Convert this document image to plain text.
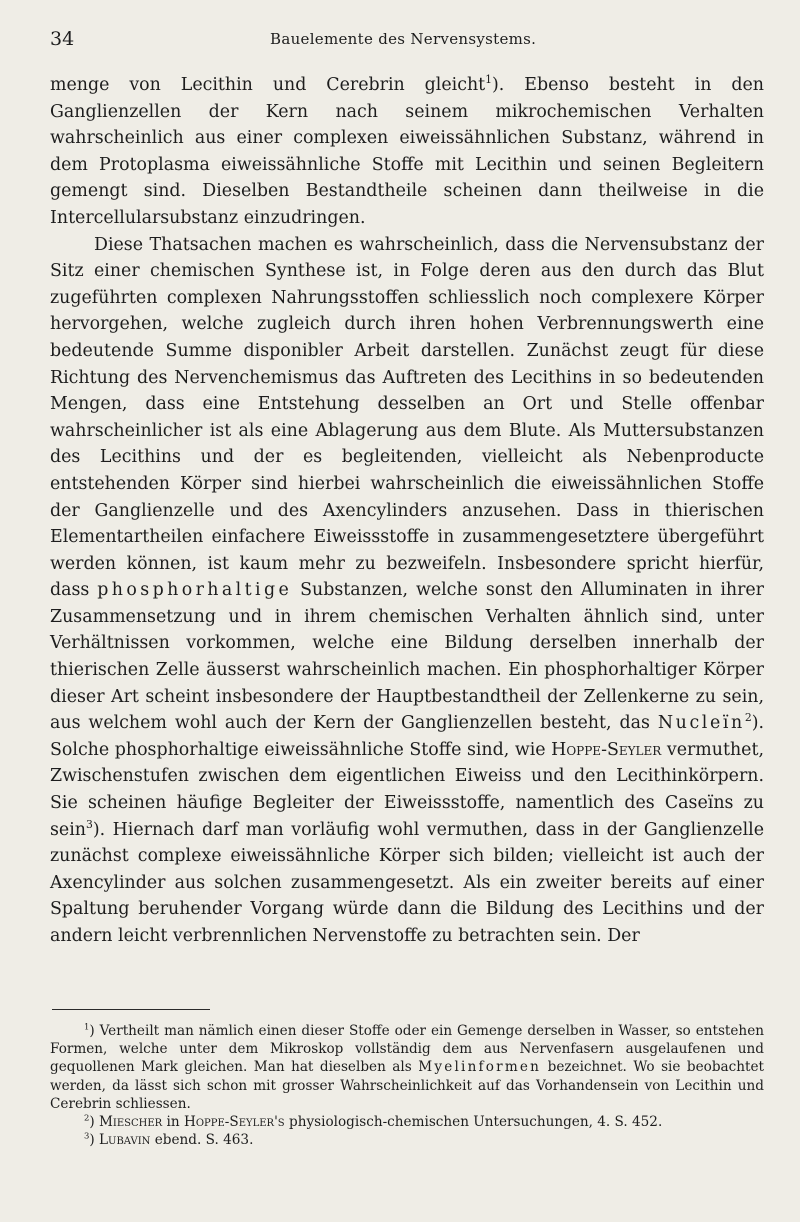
34	Bauelemente des Nervensystems.

menge von Lecithin und Cerebrin gleicht$^1$). Ebenso besteht in den Ganglienzellen der Kern nach seinem mikrochemischen Verhalten wahrscheinlich aus einer complexen eiweissähnlichen Substanz, während in dem Protoplasma eiweissähnliche Stoffe mit Lecithin und seinen Begleitern gemengt sind. Dieselben Bestandtheile scheinen dann theilweise in die Intercellularsubstanz einzudringen.

Diese Thatsachen machen es wahrscheinlich, dass die Nervensubstanz der Sitz einer chemischen Synthese ist, in Folge deren aus den durch das Blut zugeführten complexen Nahrungsstoffen schliesslich noch complexere Körper hervorgehen, welche zugleich durch ihren hohen Verbrennungswerth eine bedeutende Summe disponibler Arbeit darstellen. Zunächst zeugt für diese Richtung des Nervenchemismus das Auftreten des Lecithins in so bedeutenden Mengen, dass eine Entstehung desselben an Ort und Stelle offenbar wahrscheinlicher ist als eine Ablagerung aus dem Blute. Als Muttersubstanzen des Lecithins und der es begleitenden, vielleicht als Nebenproducte entstehenden Körper sind hierbei wahrscheinlich die eiweissähnlichen Stoffe der Ganglienzelle und des Axencylinders anzusehen. Dass in thierischen Elementartheilen einfachere Eiweissstoffe in zusammengesetztere übergeführt werden können, ist kaum mehr zu bezweifeln. Insbesondere spricht hierfür, dass phosphorhaltige Substanzen, welche sonst den Alluminaten in ihrer Zusammensetzung und in ihrem chemischen Verhalten ähnlich sind, unter Verhältnissen vorkommen, welche eine Bildung derselben innerhalb der thierischen Zelle äusserst wahrscheinlich machen. Ein phosphorhaltiger Körper dieser Art scheint insbesondere der Hauptbestandtheil der Zellenkerne zu sein, aus welchem wohl auch der Kern der Ganglienzellen besteht, das Nucleïn$^2$). Solche phosphorhaltige eiweissähnliche Stoffe sind, wie Hoppe-Seyler vermuthet, Zwischenstufen zwischen dem eigentlichen Eiweiss und den Lecithinkörpern. Sie scheinen häufige Begleiter der Eiweissstoffe, namentlich des Caseïns zu sein$^3$). Hiernach darf man vorläufig wohl vermuthen, dass in der Ganglienzelle zunächst complexe eiweissähnliche Körper sich bilden; vielleicht ist auch der Axencylinder aus solchen zusammengesetzt. Als ein zweiter bereits auf einer Spaltung beruhender Vorgang würde dann die Bildung des Lecithins und der andern leicht verbrennlichen Nervenstoffe zu betrachten sein. Der

$^1$) Vertheilt man nämlich einen dieser Stoffe oder ein Gemenge derselben in Wasser, so entstehen Formen, welche unter dem Mikroskop vollständig dem aus Nervenfasern ausgelaufenen und gequollenen Mark gleichen. Man hat dieselben als Myelinformen bezeichnet. Wo sie beobachtet werden, da lässt sich schon mit grosser Wahrscheinlichkeit auf das Vorhandensein von Lecithin und Cerebrin schliessen.

$^2$) Miescher in Hoppe-Seyler's physiologisch-chemischen Untersuchungen, 4. S. 452.

$^3$) Lubavin ebend. S. 463.
